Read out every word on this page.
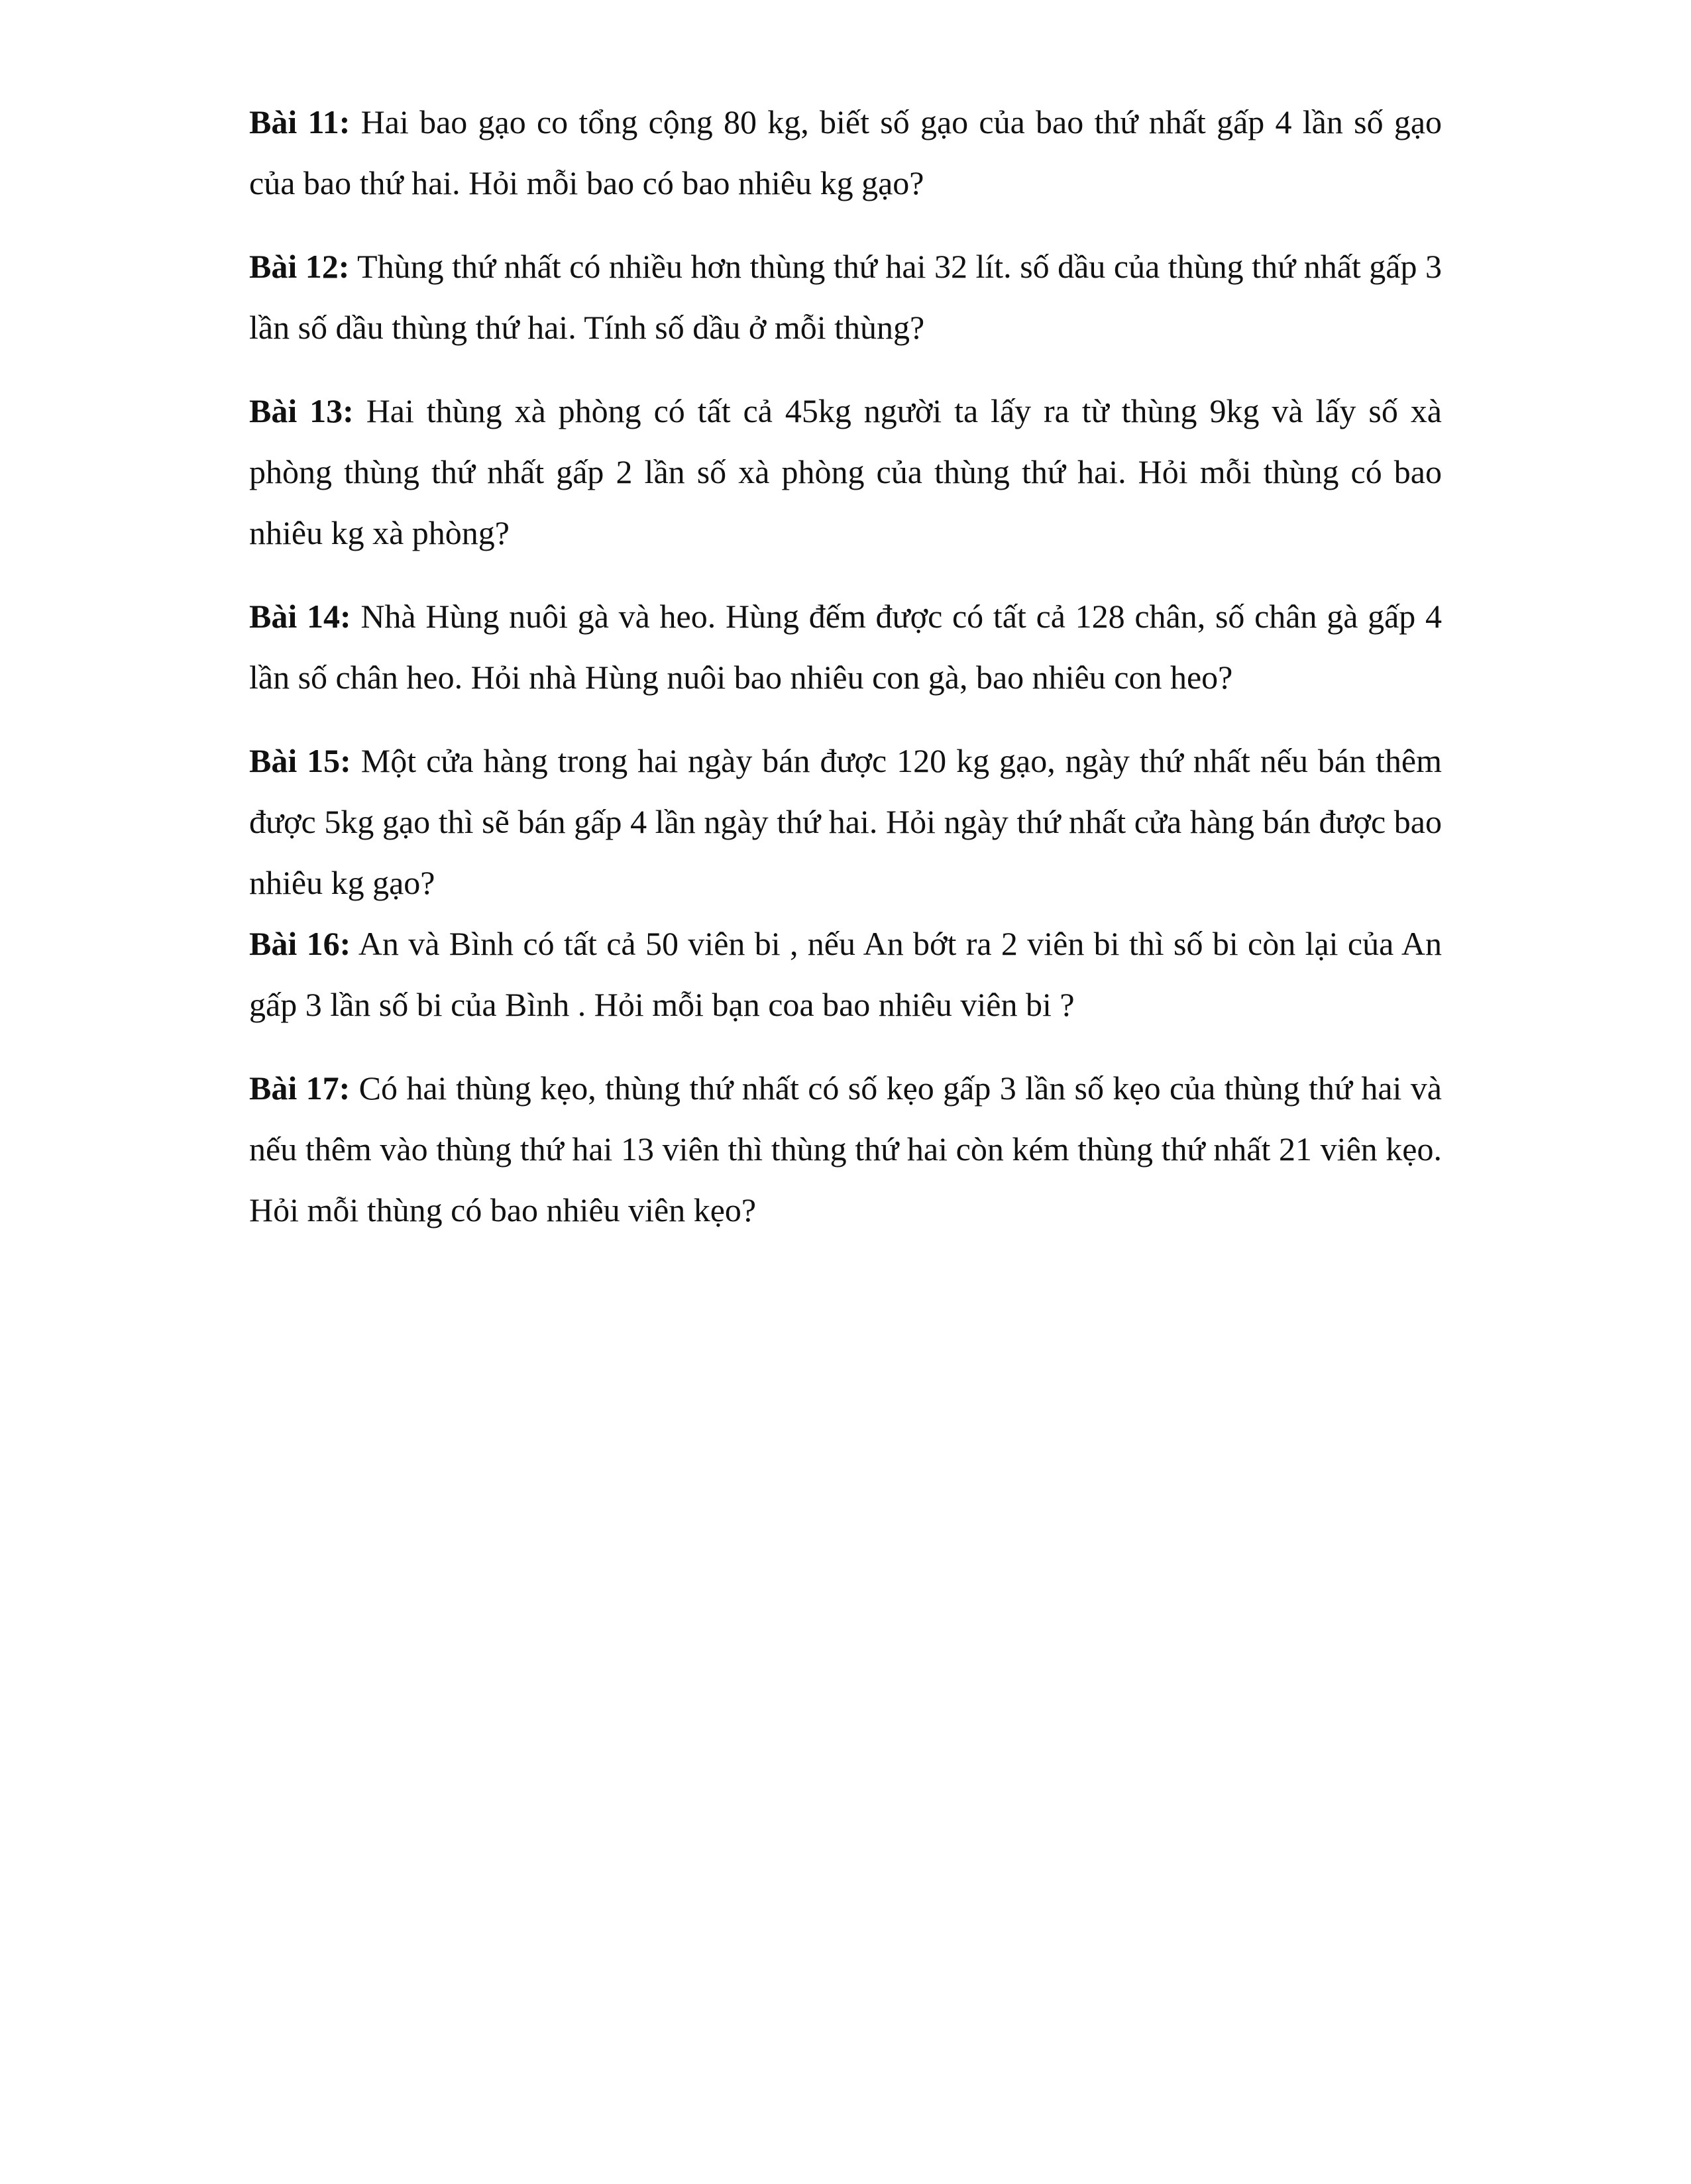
Bài 11: Hai bao gạo co tổng cộng 80 kg, biết số gạo của bao thứ nhất gấp 4 lần số gạo của bao thứ hai. Hỏi mỗi bao có bao nhiêu kg gạo?

Bài 12: Thùng thứ nhất có nhiều hơn thùng thứ hai 32 lít. số dầu của thùng thứ nhất gấp 3 lần số dầu thùng thứ hai. Tính số dầu ở mỗi thùng?

Bài 13: Hai thùng xà phòng có tất cả 45kg người ta lấy ra từ thùng 9kg và lấy số xà phòng thùng thứ nhất gấp 2 lần số xà phòng của thùng thứ hai. Hỏi mỗi thùng có bao nhiêu kg xà phòng?

Bài 14: Nhà Hùng nuôi gà và heo. Hùng đếm được có tất cả 128 chân, số chân gà gấp 4 lần số chân heo. Hỏi nhà Hùng nuôi bao nhiêu con gà, bao nhiêu con heo?

Bài 15: Một cửa hàng trong hai ngày bán được 120 kg gạo, ngày thứ nhất nếu bán thêm được 5kg gạo thì sẽ bán gấp 4 lần ngày thứ hai. Hỏi ngày thứ nhất cửa hàng bán được bao nhiêu kg gạo?

Bài 16: An và Bình có tất cả 50 viên bi , nếu An bớt ra 2 viên bi thì số bi còn lại của An gấp 3 lần số bi của Bình . Hỏi mỗi bạn coa bao nhiêu viên bi ?

Bài 17: Có hai thùng kẹo, thùng thứ nhất có số kẹo gấp 3 lần số kẹo của thùng thứ hai và nếu thêm vào thùng thứ hai 13 viên thì thùng thứ hai còn kém thùng thứ nhất 21 viên kẹo. Hỏi mỗi thùng có bao nhiêu viên kẹo?
